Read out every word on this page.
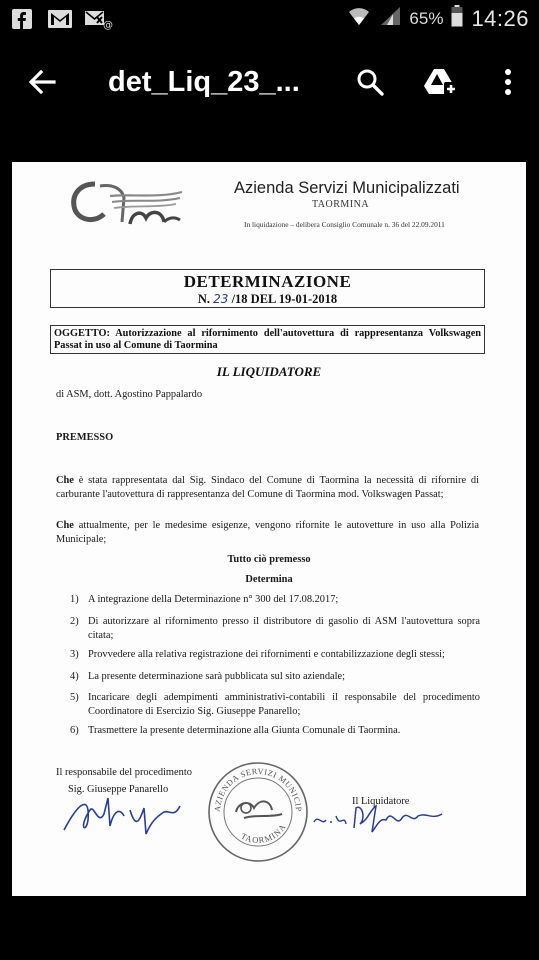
@	65% 14:26
det_Liq_23_...
Azienda Servizi Municipalizzati
TAORMINA
In liquidazione – delibera Consiglio Comunale n. 36 del 22.09.2011
DETERMINAZIONE
N. 23 /18 DEL 19-01-2018
OGGETTO: Autorizzazione al rifornimento dell'autovettura di rappresentanza Volkswagen Passat in uso al Comune di Taormina
IL LIQUIDATORE
di ASM, dott. Agostino Pappalardo
PREMESSO
Che è stata rappresentata dal Sig. Sindaco del Comune di Taormina la necessità di rifornire di carburante l'autovettura di rappresentanza del Comune di Taormina mod. Volkswagen Passat;
Che attualmente, per le medesime esigenze, vengono rifornite le autovetture in uso alla Polizia Municipale;
Tutto ciò premesso
Determina
1) A integrazione della Determinazione n° 300 del 17.08.2017;
2) Di autorizzare al rifornimento presso il distributore di gasolio di ASM l'autovettura sopra citata;
3) Provvedere alla relativa registrazione dei rifornimenti e contabilizzazione degli stessi;
4) La presente determinazione sarà pubblicata sul sito aziendale;
5) Incaricare degli adempimenti amministrativi-contabili il responsabile del procedimento Coordinatore di Esercizio Sig. Giuseppe Panarello;
6) Trasmettere la presente determinazione alla Giunta Comunale di Taormina.
Il responsabile del procedimento
Sig. Giuseppe Panarello
Il Liquidatore
AZIENDA SERVIZI MUNICIP
TAORMINA
